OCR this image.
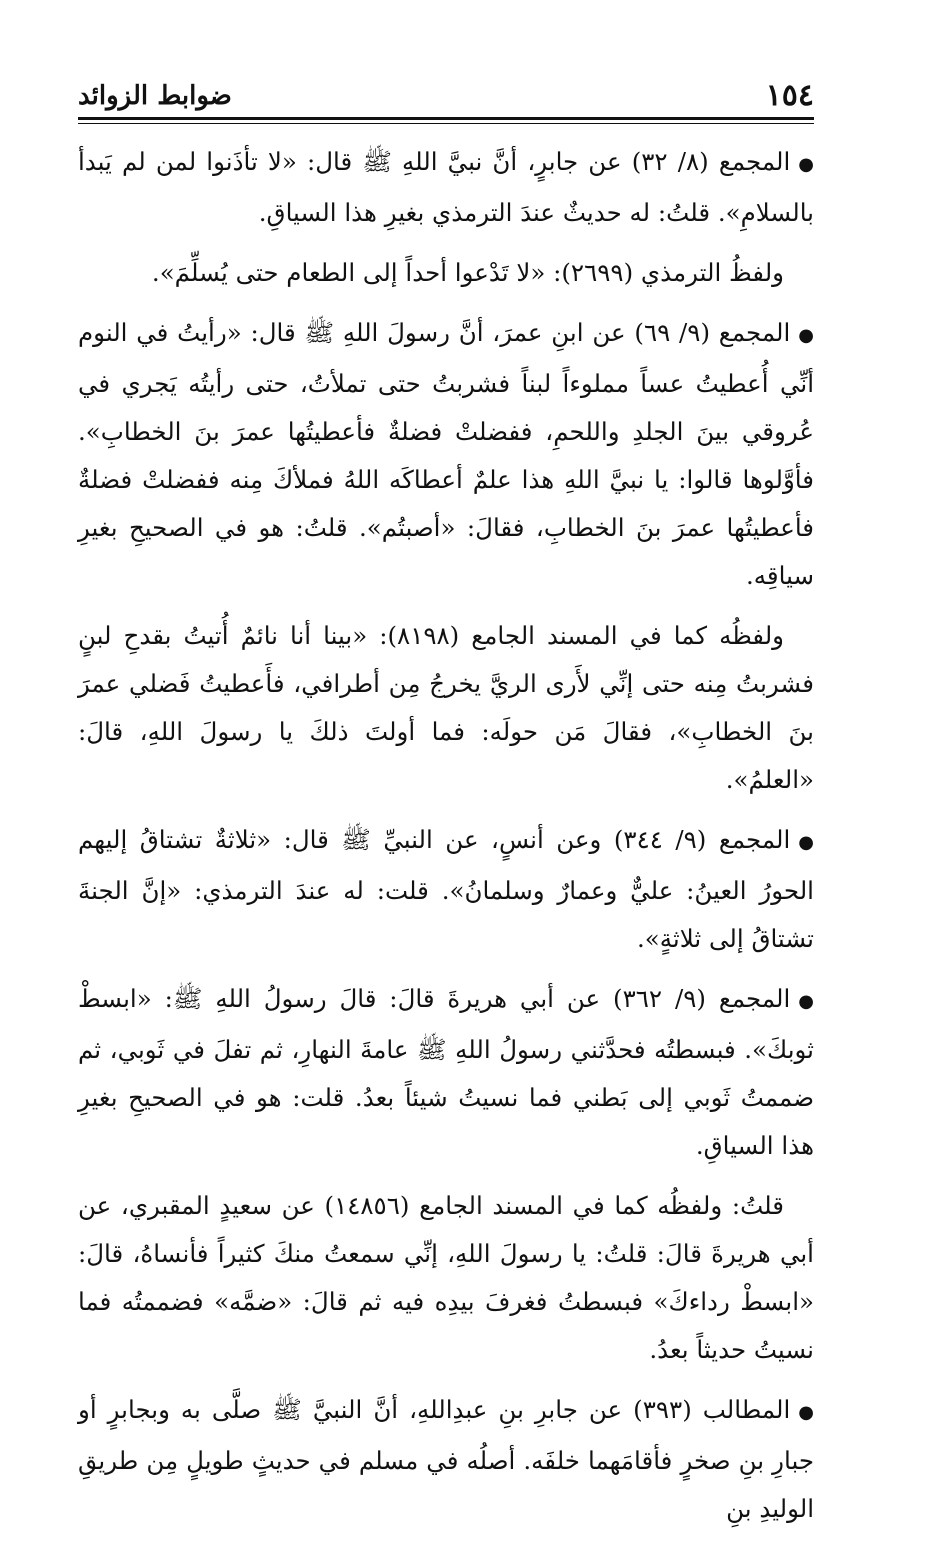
١٥٤
ضوابط الزوائد

●المجمع (٨/ ٣٢) عن جابرٍ، أنَّ نبيَّ اللهِ ﷺ قال: «لا تأذَنوا لمن لم يَبدأ بالسلامِ». قلتُ: له حديثٌ عندَ الترمذي بغيرِ هذا السياقِ.

ولفظُ الترمذي (٢٦٩٩): «لا تَدْعوا أحداً إلى الطعام حتى يُسلِّمَ».

●المجمع (٩/ ٦٩) عن ابنِ عمرَ، أنَّ رسولَ اللهِ ﷺ قال: «رأيتُ في النوم أنِّي أُعطيتُ عساً مملوءاً لبناً فشربتُ حتى تملأتُ، حتى رأيتُه يَجري في عُروقي بينَ الجلدِ واللحمِ، ففضلتْ فضلةٌ فأعطيتُها عمرَ بنَ الخطابِ». فأوَّلوها قالوا: يا نبيَّ اللهِ هذا علمٌ أعطاكَه اللهُ فملأكَ مِنه ففضلتْ فضلةٌ فأعطيتُها عمرَ بنَ الخطابِ، فقالَ: «أصبتُم». قلتُ: هو في الصحيحِ بغيرِ سياقِه.

ولفظُه كما في المسند الجامع (٨١٩٨): «بينا أنا نائمٌ أُتيتُ بقدحِ لبنٍ فشربتُ مِنه حتى إنِّي لأَرى الريَّ يخرجُ مِن أطرافي، فأَعطيتُ فَضلي عمرَ بنَ الخطابِ»، فقالَ مَن حولَه: فما أولتَ ذلكَ يا رسولَ اللهِ، قالَ: «العلمُ».

●المجمع (٩/ ٣٤٤) وعن أنسٍ، عن النبيِّ ﷺ قال: «ثلاثةٌ تشتاقُ إليهم الحورُ العينُ: عليٌّ وعمارٌ وسلمانُ». قلت: له عندَ الترمذي: «إنَّ الجنةَ تشتاقُ إلى ثلاثةٍ».

●المجمع (٩/ ٣٦٢) عن أبي هريرةَ قالَ: قالَ رسولُ اللهِ ﷺ: «ابسطْ ثوبكَ». فبسطتُه فحدَّثني رسولُ اللهِ ﷺ عامةَ النهارِ، ثم تفلَ في ثَوبي، ثم ضممتُ ثَوبي إلى بَطني فما نسيتُ شيئاً بعدُ. قلت: هو في الصحيحِ بغيرِ هذا السياقِ.

قلتُ: ولفظُه كما في المسند الجامع (١٤٨٥٦) عن سعيدٍ المقبري، عن أبي هريرةَ قالَ: قلتُ: يا رسولَ اللهِ، إنِّي سمعتُ منكَ كثيراً فأنساهُ، قالَ: «ابسطْ رداءكَ» فبسطتُ فغرفَ بيدِه فيه ثم قالَ: «ضمَّه» فضممتُه فما نسيتُ حديثاً بعدُ.

●المطالب (٣٩٣) عن جابرِ بنِ عبدِاللهِ، أنَّ النبيَّ ﷺ صلَّى به وبجابرٍ أو جبارِ بنِ صخرٍ فأقامَهما خلفَه. أصلُه في مسلم في حديثٍ طويلٍ مِن طريقِ الوليدِ بنِ
